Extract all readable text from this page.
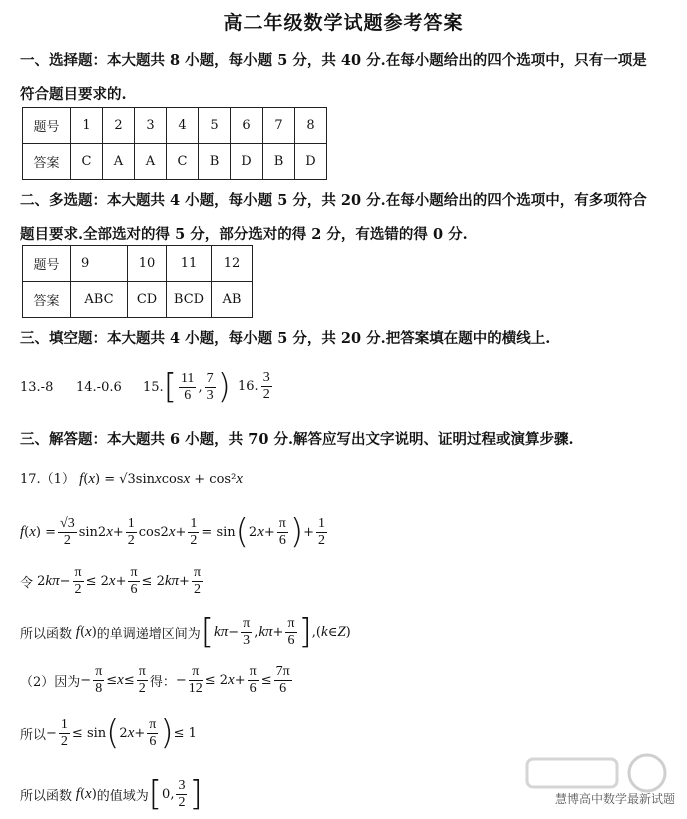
高二年级数学试题参考答案
一、选择题：本大题共 8 小题，每小题 5 分，共 40 分.在每小题给出的四个选项中，只有一项是
符合题目要求的.
题号	1	2	3	4	5	6	7	8
答案	C	A	A	C	B	D	B	D
二、多选题：本大题共 4 小题，每小题 5 分，共 20 分.在每小题给出的四个选项中，有多项符合
题目要求.全部选对的得 5 分，部分选对的得 2 分，有选错的得 0 分.
题号	9	10	11	12
答案	ABC	CD	BCD	AB
三、填空题：本大题共 4 小题，每小题 5 分，共 20 分.把答案填在题中的横线上.
13.-8 14.-0.6 15. [ $\frac{11}{6}$ , $\frac{7}{3}$ ) 16. $\frac{3}{2}$
三、解答题：本大题共 6 小题，共 70 分.解答应写出文字说明、证明过程或演算步骤.
17.（1） f(x) = √3sinxcosx + cos²x
f ( x ) = $\frac{√3}{2} \sin 2$ $x + \frac{1}{2} \cos 2$ $x + \frac{1}{2} = \sin$ ( 2 $x + \frac{\pi}{6}$ ) + $\frac{1}{2}$
令 2 $k\pi - \frac{\pi}{2} \le 2$ $x + \frac{\pi}{6} \le 2$ $k\pi + \frac{\pi}{2}$
所以函数 f ( x ) 的单调递增区间为 [ $k\pi - \frac{\pi}{3}$ , $k\pi + \frac{\pi}{6}$ ] ,( k ∈ Z )
（2）因为 − $\frac{\pi}{8} \le x \le \frac{\pi}{2}$ 得： − $\frac{\pi}{12} \le 2$ $x + \frac{\pi}{6} \le \frac{7\pi}{6}$
所以 − $\frac{1}{2} \le \sin$ ( 2 $x + \frac{\pi}{6}$ ) ≤ 1
所以函数 f ( x ) 的值域为 [ 0, $\frac{3}{2}$ ]	慧博高中数学最新试题
